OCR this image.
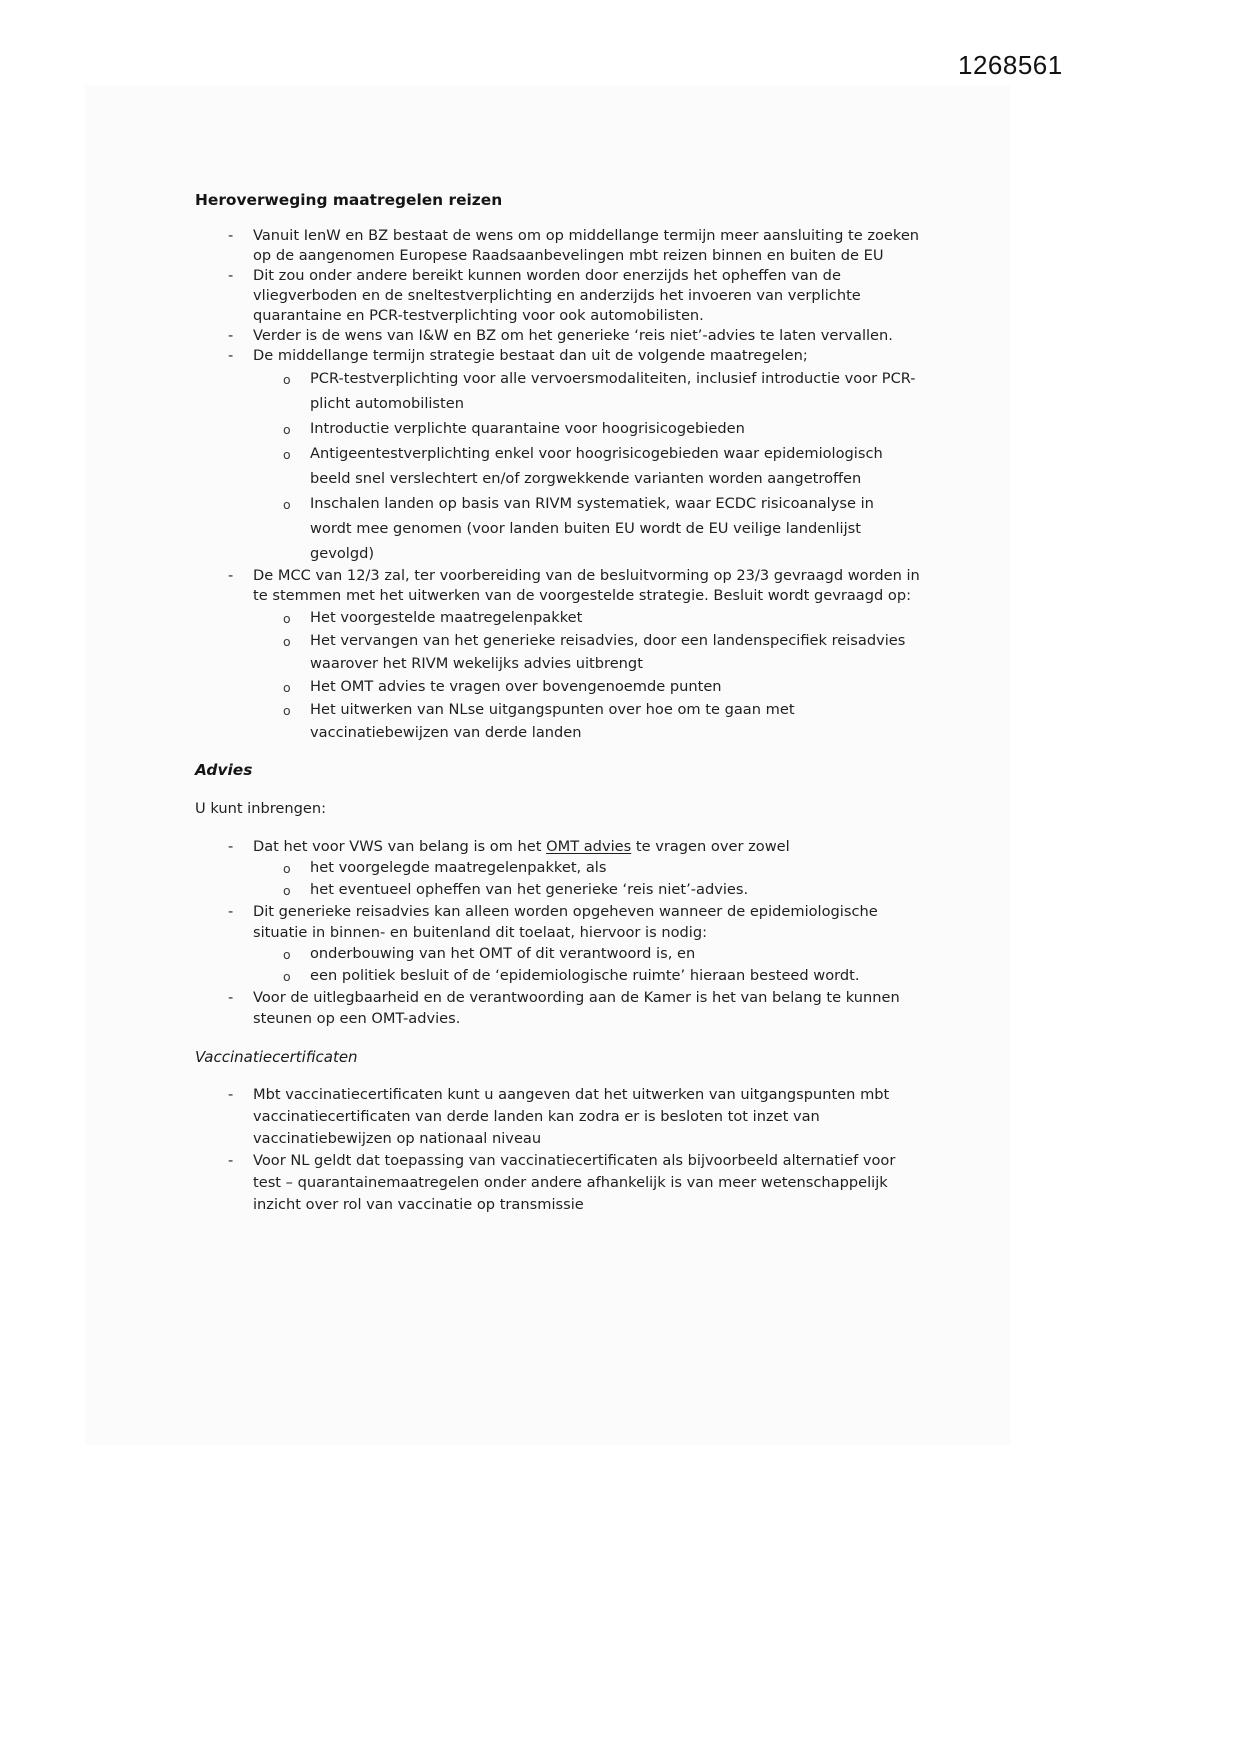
1268561
Heroverweging maatregelen reizen
- Vanuit IenW en BZ bestaat de wens om op middellange termijn meer aansluiting te zoeken op de aangenomen Europese Raadsaanbevelingen mbt reizen binnen en buiten de EU
- Dit zou onder andere bereikt kunnen worden door enerzijds het opheffen van de vliegverboden en de sneltestverplichting en anderzijds het invoeren van verplichte quarantaine en PCR-testverplichting voor ook automobilisten.
- Verder is de wens van I&W en BZ om het generieke ‘reis niet’-advies te laten vervallen.
- De middellange termijn strategie bestaat dan uit de volgende maatregelen;
o PCR-testverplichting voor alle vervoersmodaliteiten, inclusief introductie voor PCR-plicht automobilisten
o Introductie verplichte quarantaine voor hoogrisicogebieden
o Antigeentestverplichting enkel voor hoogrisicogebieden waar epidemiologisch beeld snel verslechtert en/of zorgwekkende varianten worden aangetroffen
o Inschalen landen op basis van RIVM systematiek, waar ECDC risicoanalyse in wordt mee genomen (voor landen buiten EU wordt de EU veilige landenlijst gevolgd)
- De MCC van 12/3 zal, ter voorbereiding van de besluitvorming op 23/3 gevraagd worden in te stemmen met het uitwerken van de voorgestelde strategie. Besluit wordt gevraagd op:
o Het voorgestelde maatregelenpakket
o Het vervangen van het generieke reisadvies, door een landenspecifiek reisadvies waarover het RIVM wekelijks advies uitbrengt
o Het OMT advies te vragen over bovengenoemde punten
o Het uitwerken van NLse uitgangspunten over hoe om te gaan met vaccinatiebewijzen van derde landen
Advies

U kunt inbrengen:

- Dat het voor VWS van belang is om het OMT advies te vragen over zowel
o het voorgelegde maatregelenpakket, als
o het eventueel opheffen van het generieke ‘reis niet’-advies.
- Dit generieke reisadvies kan alleen worden opgeheven wanneer de epidemiologische situatie in binnen- en buitenland dit toelaat, hiervoor is nodig:
o onderbouwing van het OMT of dit verantwoord is, en
o een politiek besluit of de ‘epidemiologische ruimte’ hieraan besteed wordt.
- Voor de uitlegbaarheid en de verantwoording aan de Kamer is het van belang te kunnen steunen op een OMT-advies.
Vaccinatiecertificaten
- Mbt vaccinatiecertificaten kunt u aangeven dat het uitwerken van uitgangspunten mbt vaccinatiecertificaten van derde landen kan zodra er is besloten tot inzet van vaccinatiebewijzen op nationaal niveau
- Voor NL geldt dat toepassing van vaccinatiecertificaten als bijvoorbeeld alternatief voor test – quarantainemaatregelen onder andere afhankelijk is van meer wetenschappelijk inzicht over rol van vaccinatie op transmissie
